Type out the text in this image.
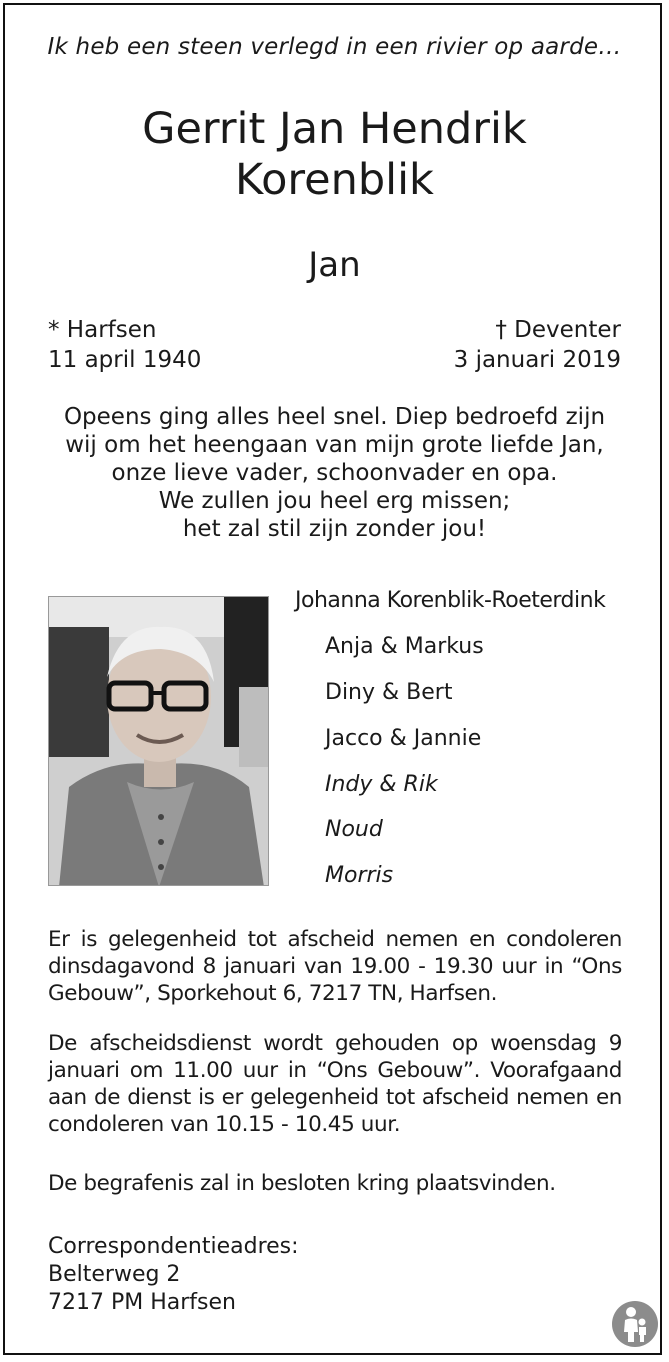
Ik heb een steen verlegd in een rivier op aarde…
Gerrit Jan Hendrik
Korenblik
Jan
* Harfsen
11 april 1940
† Deventer
3 januari 2019
Opeens ging alles heel snel. Diep bedroefd zijn
wij om het heengaan van mijn grote liefde Jan,
onze lieve vader, schoonvader en opa.
We zullen jou heel erg missen;
het zal stil zijn zonder jou!
Johanna Korenblik-Roeterdink
Anja & Markus
Diny & Bert
Jacco & Jannie
Indy & Rik
Noud
Morris
Er is gelegenheid tot afscheid nemen en condoleren dinsdagavond 8 januari van 19.00 - 19.30 uur in “Ons Gebouw”, Sporkehout 6, 7217 TN, Harfsen.
De afscheidsdienst wordt gehouden op woensdag 9 januari om 11.00 uur in “Ons Gebouw”. Voorafgaand aan de dienst is er gelegenheid tot afscheid nemen en condoleren van 10.15 - 10.45 uur.
De begrafenis zal in besloten kring plaatsvinden.
Correspondentieadres:
Belterweg 2
7217 PM Harfsen
